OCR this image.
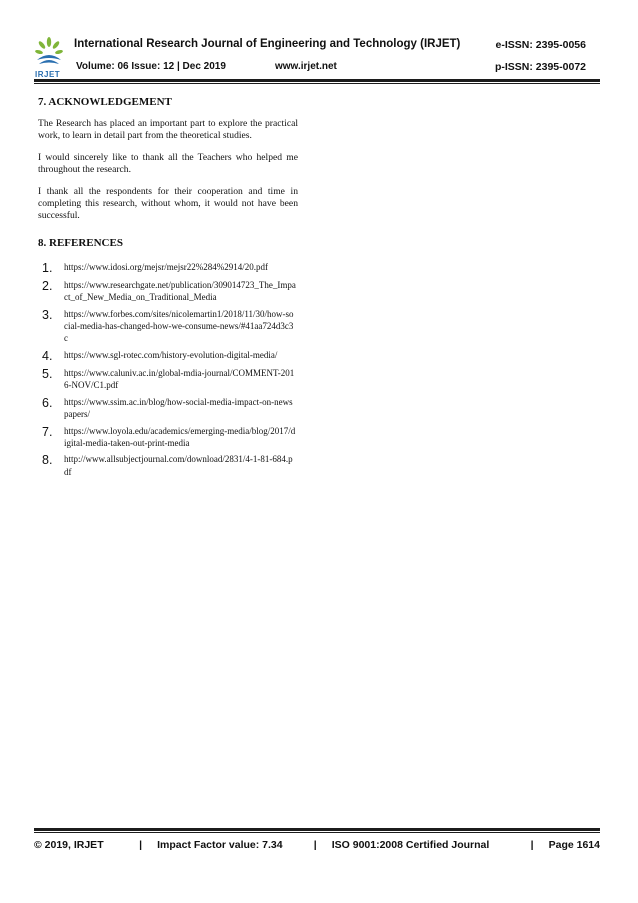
IRJET
International Research Journal of Engineering and Technology (IRJET)	e-ISSN: 2395-0056
Volume: 06 Issue: 12 | Dec 2019	www.irjet.net	p-ISSN: 2395-0072
7. ACKNOWLEDGEMENT

The Research has placed an important part to explore the practical work, to learn in detail part from the theoretical studies.

I would sincerely like to thank all the Teachers who helped me throughout the research.

I thank all the respondents for their cooperation and time in completing this research, without whom, it would not have been successful.

8. REFERENCES
1.	https://www.idosi.org/mejsr/mejsr22%284%2914/20.pdf
2.	https://www.researchgate.net/publication/309014723_The_Impact_of_New_Media_on_Traditional_Media
3.	https://www.forbes.com/sites/nicolemartin1/2018/11/30/how-social-media-has-changed-how-we-consume-news/#41aa724d3c3c
4.	https://www.sgl-rotec.com/history-evolution-digital-media/
5.	https://www.caluniv.ac.in/global-mdia-journal/COMMENT-2016-NOV/C1.pdf
6.	https://www.ssim.ac.in/blog/how-social-media-impact-on-newspapers/
7.	https://www.loyola.edu/academics/emerging-media/blog/2017/digital-media-taken-out-print-media
8.	http://www.allsubjectjournal.com/download/2831/4-1-81-684.pdf
© 2019, IRJET	|	Impact Factor value: 7.34	|	ISO 9001:2008 Certified Journal	|	Page 1614
